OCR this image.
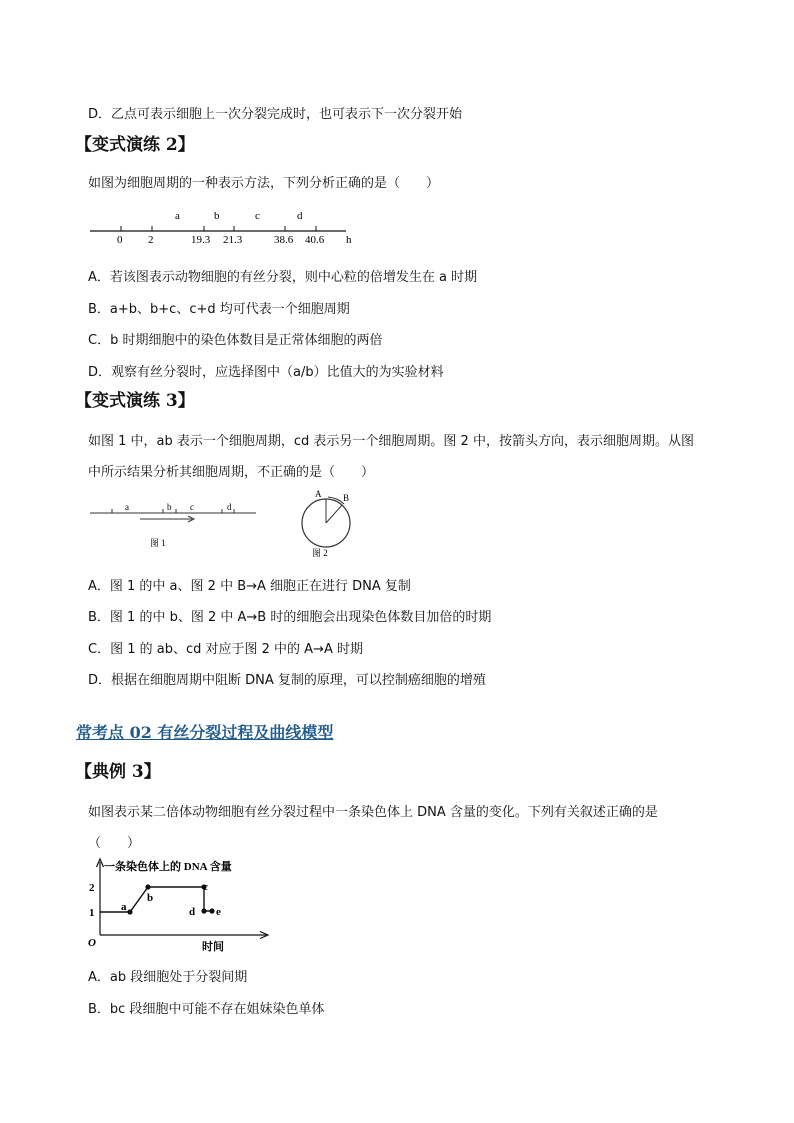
D．乙点可表示细胞上一次分裂完成时，也可表示下一次分裂开始
【变式演练 2】
如图为细胞周期的一种表示方法，下列分析正确的是（　　）
a	b	c	d
0 2	19.3 21.3	38.6 40.6 h
A．若该图表示动物细胞的有丝分裂，则中心粒的倍增发生在 a 时期
B．a+b、b+c、c+d 均可代表一个细胞周期
C．b 时期细胞中的染色体数目是正常体细胞的两倍
D．观察有丝分裂时，应选择图中（a/b）比值大的为实验材料
【变式演练 3】
如图 1 中，ab 表示一个细胞周期，cd 表示另一个细胞周期。图 2 中，按箭头方向，表示细胞周期。从图
中所示结果分析其细胞周期，不正确的是（　　）
a	b c	d
图 1
A B
图 2
A．图 1 的中 a、图 2 中 B→A 细胞正在进行 DNA 复制
B．图 1 的中 b、图 2 中 A→B 时的细胞会出现染色体数目加倍的时期
C．图 1 的 ab、cd 对应于图 2 中的 A→A 时期
D．根据在细胞周期中阻断 DNA 复制的原理，可以控制癌细胞的增殖
常考点 02 有丝分裂过程及曲线模型
【典例 3】
如图表示某二倍体动物细胞有丝分裂过程中一条染色体上 DNA 含量的变化。下列有关叙述正确的是
（　　）
一条染色体上的 DNA 含量
O
2
1 a
b
c
d e
时间
A．ab 段细胞处于分裂间期
B．bc 段细胞中可能不存在姐妹染色单体
